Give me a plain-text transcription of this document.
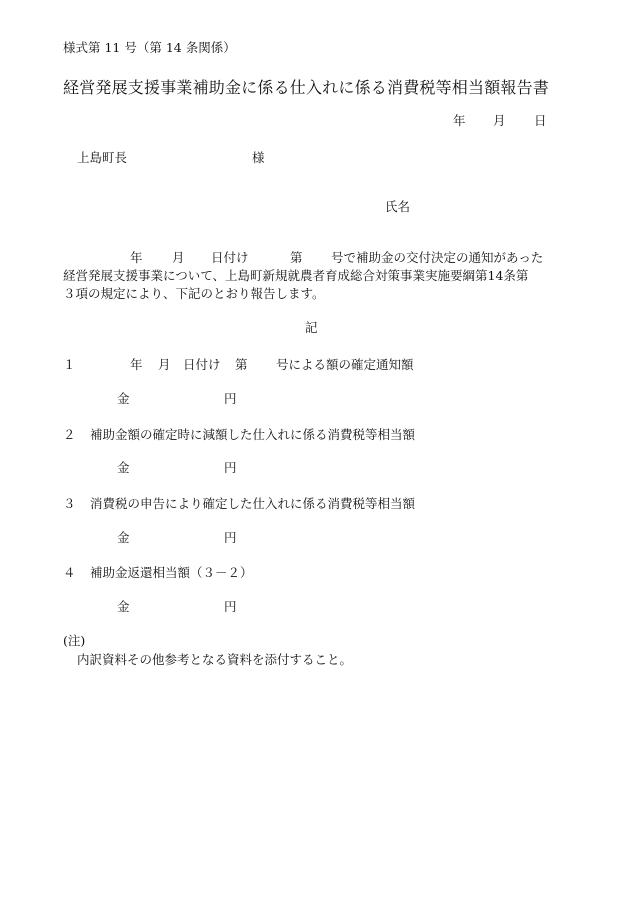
様式第 11 号（第 14 条関係）
経営発展支援事業補助金に係る仕入れに係る消費税等相当額報告書
年 月 日
上島町長	様
氏名
年 月 日付け	第 号で補助金の交付決定の通知があった
経営発展支援事業について、上島町新規就農者育成総合対策事業実施要綱第14条第
３項の規定により、下記のとおり報告します。
記
１	年 月 日付け 第 号による額の確定通知額
金	円
２ 補助金額の確定時に減額した仕入れに係る消費税等相当額
金	円
３ 消費税の申告により確定した仕入れに係る消費税等相当額
金	円
４ 補助金返還相当額（３－２）
金	円
(注)
内訳資料その他参考となる資料を添付すること。
